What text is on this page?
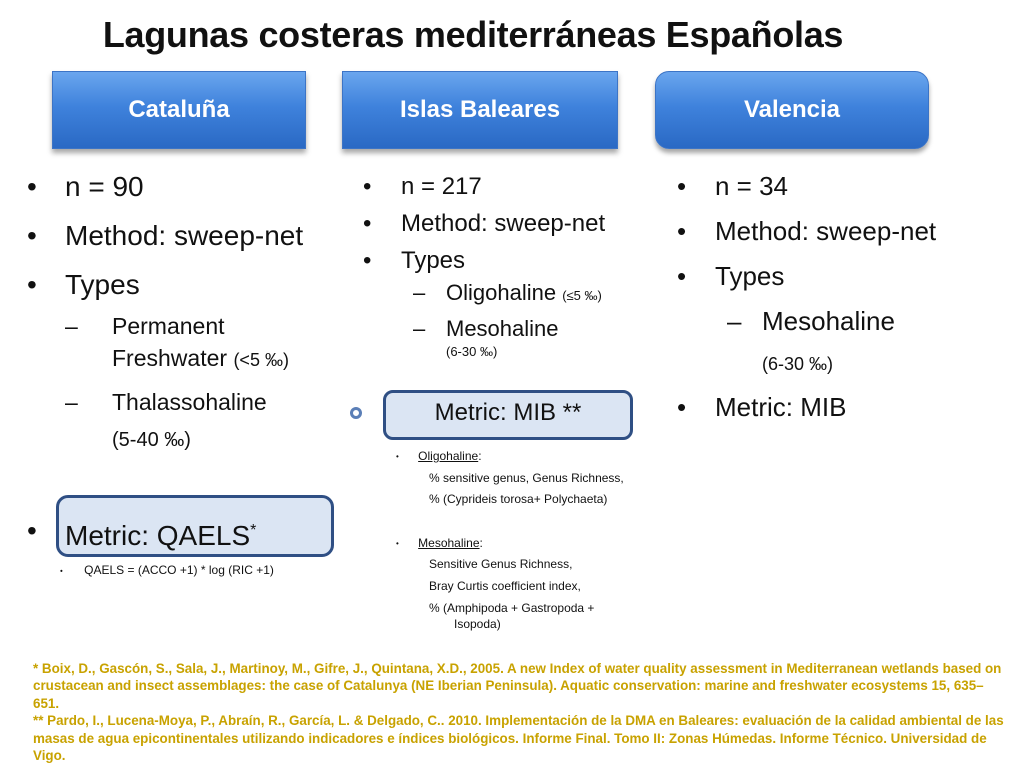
Lagunas costeras mediterráneas Españolas
Cataluña	Islas Baleares	Valencia
• n = 90
• Method: sweep-net
• Types
– Permanent
Freshwater (<5 ‰)
– Thalassohaline
(5-40 ‰)
• Metric: QAELS*
• QAELS = (ACCO +1) * log (RIC +1)
• n = 217
• Method: sweep-net
• Types
– Oligohaline (≤5 ‰)
– Mesohaline
(6-30 ‰)
Metric: MIB **
• Oligohaline:
% sensitive genus, Genus Richness,
% (Cyprideis torosa+ Polychaeta)
• Mesohaline:
Sensitive Genus Richness,
Bray Curtis coefficient index,
% (Amphipoda + Gastropoda +
Isopoda)
• n = 34
• Method: sweep-net
• Types
– Mesohaline
(6-30 ‰)
• Metric: MIB

* Boix, D., Gascón, S., Sala, J., Martinoy, M., Gifre, J., Quintana, X.D., 2005. A new Index of water quality assessment in Mediterranean wetlands based on crustacean and insect assemblages: the case of Catalunya (NE Iberian Peninsula). Aquatic conservation: marine and freshwater ecosystems 15, 635–651.

** Pardo, I., Lucena-Moya, P., Abraín, R., García, L. & Delgado, C.. 2010. Implementación de la DMA en Baleares: evaluación de la calidad ambiental de las masas de agua epicontinentales utilizando indicadores e índices biológicos. Informe Final. Tomo II: Zonas Húmedas. Informe Técnico. Universidad de Vigo.
